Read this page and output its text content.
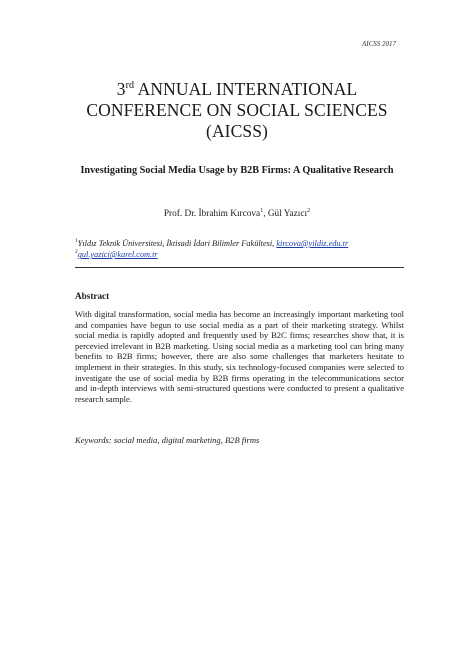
AICSS 2017
3rd ANNUAL INTERNATIONAL
CONFERENCE ON SOCIAL SCIENCES
(AICSS)
Investigating Social Media Usage by B2B Firms: A Qualitative Research
Prof. Dr. İbrahim Kırcova$^1$, Gül Yazıcı$^2$
$^1$Yıldız Teknik Üniversitesi, İktisadi İdari Bilimler Fakültesi, kircova@yildiz.edu.tr
$^2$gul.yazici@karel.com.tr
Abstract
With digital transformation, social media has become an increasingly important marketing tool and companies have begun to use social media as a part of their marketing strategy. Whilst social media is rapidly adopted and frequently used by B2C firms; researches show that, it is percevied irrelevant in B2B marketing. Using social media as a marketing tool can bring many benefits to B2B firms; however, there are also some challenges that marketers hesitate to implement in their strategies. In this study, six technology-focused companies were selected to investigate the use of social media by B2B firms operating in the telecommunications sector and in-depth interviews with semi-structured questions were conducted to present a qualitative research sample.
Keywords: social media, digital marketing, B2B firms
